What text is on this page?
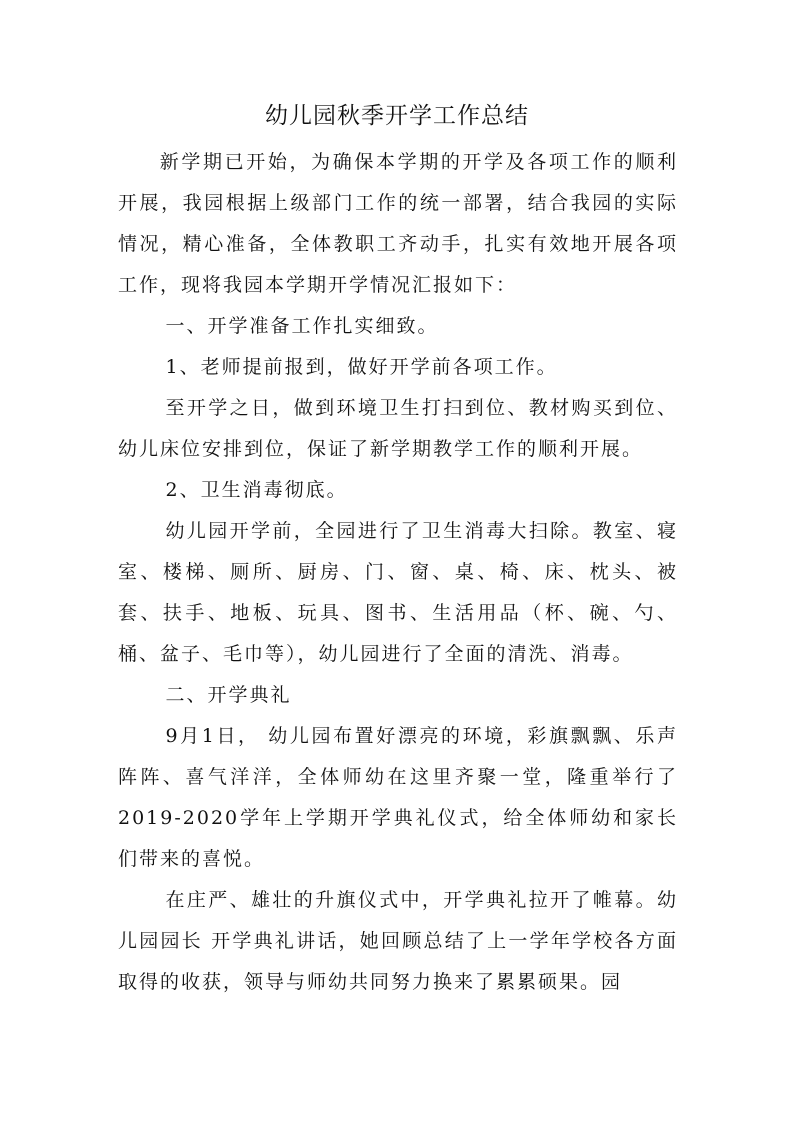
幼儿园秋季开学工作总结

新学期已开始，为确保本学期的开学及各项工作的顺利开展，我园根据上级部门工作的统一部署，结合我园的实际情况，精心准备，全体教职工齐动手，扎实有效地开展各项工作，现将我园本学期开学情况汇报如下：

一、开学准备工作扎实细致。

1、老师提前报到，做好开学前各项工作。

至开学之日，做到环境卫生打扫到位、教材购买到位、幼儿床位安排到位，保证了新学期教学工作的顺利开展。

2、卫生消毒彻底。

幼儿园开学前，全园进行了卫生消毒大扫除。教室、寝室、楼梯、厕所、厨房、门、窗、桌、椅、床、枕头、被套、扶手、地板、玩具、图书、生活用品（杯、碗、勺、桶、盆子、毛巾等），幼儿园进行了全面的清洗、消毒。

二、开学典礼

9月1日， 幼儿园布置好漂亮的环境，彩旗飘飘、乐声阵阵、喜气洋洋，全体师幼在这里齐聚一堂，隆重举行了2019-2020学年上学期开学典礼仪式，给全体师幼和家长们带来的喜悦。

在庄严、雄壮的升旗仪式中，开学典礼拉开了帷幕。幼儿园园长 开学典礼讲话，她回顾总结了上一学年学校各方面取得的收获，领导与师幼共同努力换来了累累硕果。园
